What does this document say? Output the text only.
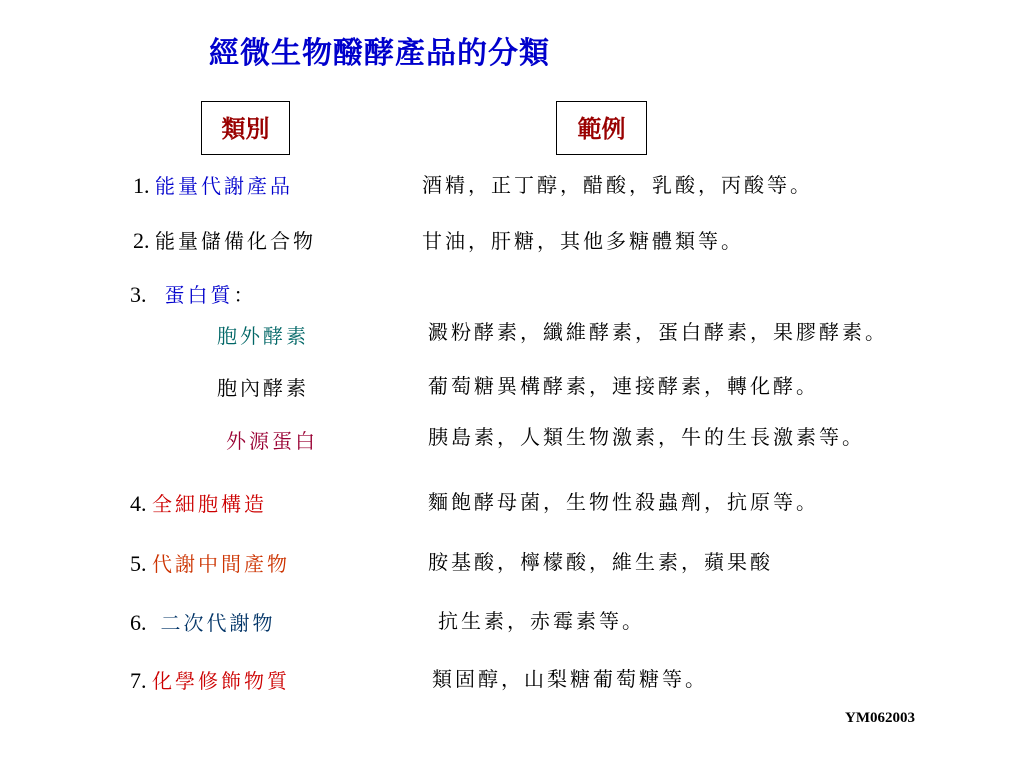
經微生物醱酵產品的分類
類別	範例
1. 能量代謝產品	酒精，正丁醇，醋酸，乳酸，丙酸等。
2. 能量儲備化合物	甘油，肝糖，其他多糖體類等。
3. 蛋白質：
胞外酵素	澱粉酵素，纖維酵素，蛋白酵素，果膠酵素。
胞內酵素	葡萄糖異構酵素，連接酵素，轉化酵。
外源蛋白	胰島素，人類生物激素，牛的生長激素等。
4. 全細胞構造	麵飽酵母菌，生物性殺蟲劑，抗原等。
5. 代謝中間產物	胺基酸，檸檬酸，維生素，蘋果酸
6. 二次代謝物	抗生素，赤霉素等。
7. 化學修飾物質	類固醇，山梨糖葡萄糖等。
YM062003
